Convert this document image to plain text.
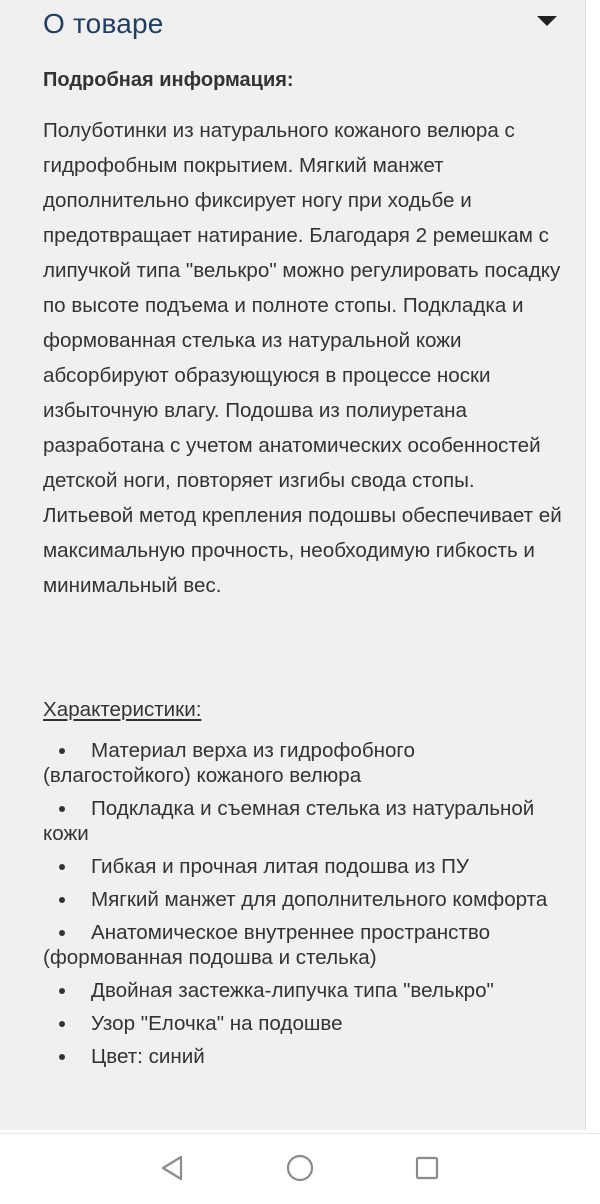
О товаре
Подробная информация:

Полуботинки из натурального кожаного велюра с гидрофобным покрытием. Мягкий манжет дополнительно фиксирует ногу при ходьбе и предотвращает натирание. Благодаря 2 ремешкам с липучкой типа "велькро" можно регулировать посадку по высоте подъема и полноте стопы. Подкладка и формованная стелька из натуральной кожи абсорбируют образующуюся в процессе носки избыточную влагу. Подошва из полиуретана разработана с учетом анатомических особенностей детской ноги, повторяет изгибы свода стопы. Литьевой метод крепления подошвы обеспечивает ей максимальную прочность, необходимую гибкость и минимальный вес.

Характеристики:
Материал верха из гидрофобного (влагостойкого) кожаного велюра
Подкладка и съемная стелька из натуральной кожи
Гибкая и прочная литая подошва из ПУ
Мягкий манжет для дополнительного комфорта
Анатомическое внутреннее пространство (формованная подошва и стелька)
Двойная застежка-липучка типа "велькро"
Узор "Елочка" на подошве
Цвет: синий
